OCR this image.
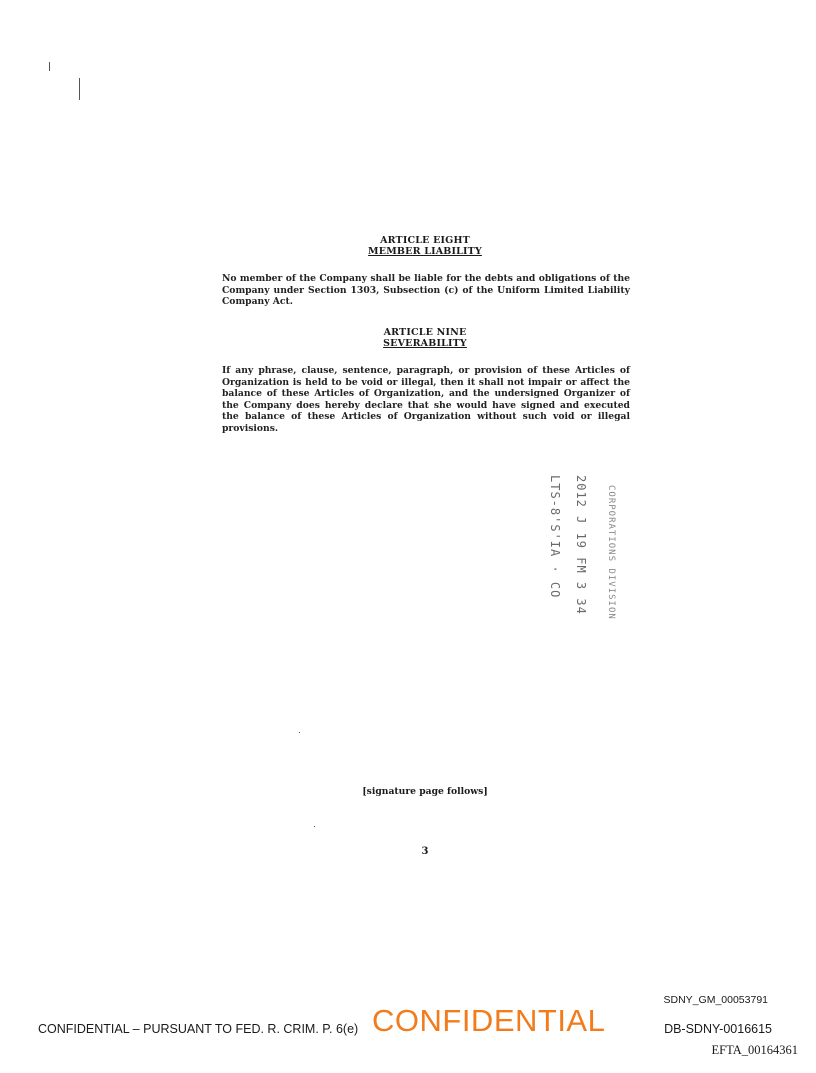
ARTICLE EIGHT
MEMBER LIABILITY
No member of the Company shall be liable for the debts and obligations of the Company under Section 1303, Subsection (c) of the Uniform Limited Liability Company Act.
ARTICLE NINE
SEVERABILITY
If any phrase, clause, sentence, paragraph, or provision of these Articles of Organization is held to be void or illegal, then it shall not impair or affect the balance of these Articles of Organization, and the undersigned Organizer of the Company does hereby declare that she would have signed and executed the balance of these Articles of Organization without such void or illegal provisions.
LTS-8'S'IA · CO 2012 J 19 FM 3 34 CORPORATIONS DIVISION
[signature page follows]
3
SDNY_GM_00053791
CONFIDENTIAL – PURSUANT TO FED. R. CRIM. P. 6(e) CONFIDENTIAL	DB-SDNY-0016615
EFTA_00164361
